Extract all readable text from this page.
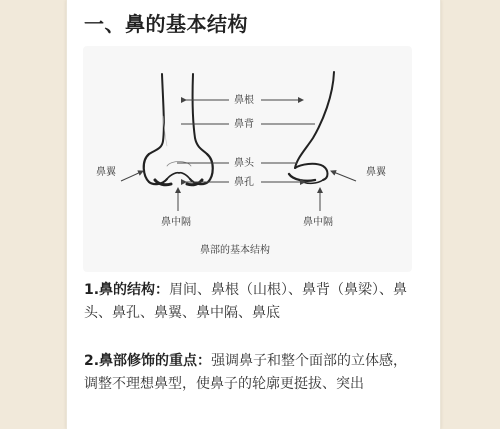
一、鼻的基本结构
鼻根
鼻背
鼻头
鼻孔
鼻翼	鼻翼
鼻中隔	鼻中隔
鼻部的基本结构
1.鼻的结构：眉间、鼻根（山根）、鼻背（鼻梁）、鼻头、鼻孔、鼻翼、鼻中隔、鼻底
2.鼻部修饰的重点：强调鼻子和整个面部的立体感，调整不理想鼻型，使鼻子的轮廓更挺拔、突出
